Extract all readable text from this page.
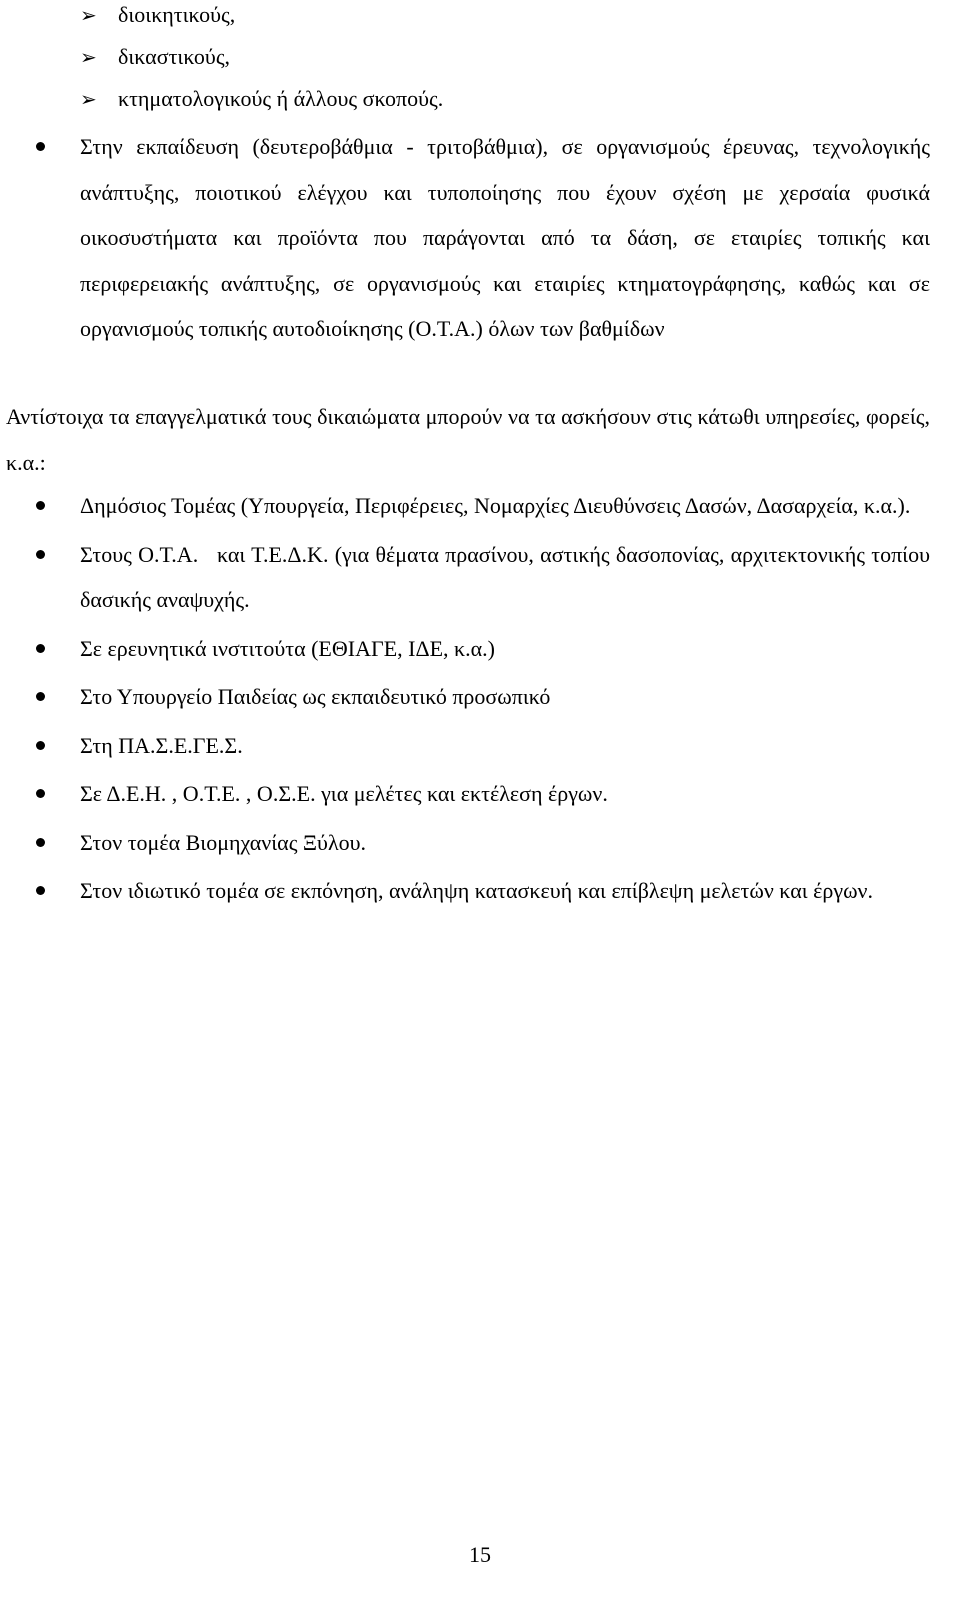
➢ διοικητικούς,
➢ δικαστικούς,
➢ κτηματολογικούς ή άλλους σκοπούς.
Στην εκπαίδευση (δευτεροβάθμια - τριτοβάθμια), σε οργανισμούς έρευνας, τεχνολογικής ανάπτυξης, ποιοτικού ελέγχου και τυποποίησης που έχουν σχέση με χερσαία φυσικά οικοσυστήματα και προϊόντα που παράγονται από τα δάση, σε εταιρίες τοπικής και περιφερειακής ανάπτυξης, σε οργανισμούς και εταιρίες κτηματογράφησης, καθώς και σε οργανισμούς τοπικής αυτοδιοίκησης (Ο.Τ.Α.) όλων των βαθμίδων

Αντίστοιχα τα επαγγελματικά τους δικαιώματα μπορούν να τα ασκήσουν στις κάτωθι υπηρεσίες, φορείς, κ.α.:

Δημόσιος Τομέας (Υπουργεία, Περιφέρειες, Νομαρχίες Διευθύνσεις Δασών, Δασαρχεία, κ.α.).
Στους Ο.Τ.Α.   και Τ.Ε.Δ.Κ. (για θέματα πρασίνου, αστικής δασοπονίας, αρχιτεκτονικής τοπίου δασικής αναψυχής.
Σε ερευνητικά ινστιτούτα (ΕΘΙΑΓΕ, ΙΔΕ, κ.α.)
Στο Υπουργείο Παιδείας ως εκπαιδευτικό προσωπικό
Στη ΠΑ.Σ.Ε.ΓΕ.Σ.
Σε Δ.Ε.Η. , Ο.Τ.Ε. , Ο.Σ.Ε. για μελέτες και εκτέλεση έργων.
Στον τομέα Βιομηχανίας Ξύλου.
Στον ιδιωτικό τομέα σε εκπόνηση, ανάληψη κατασκευή και επίβλεψη μελετών και έργων.
15
